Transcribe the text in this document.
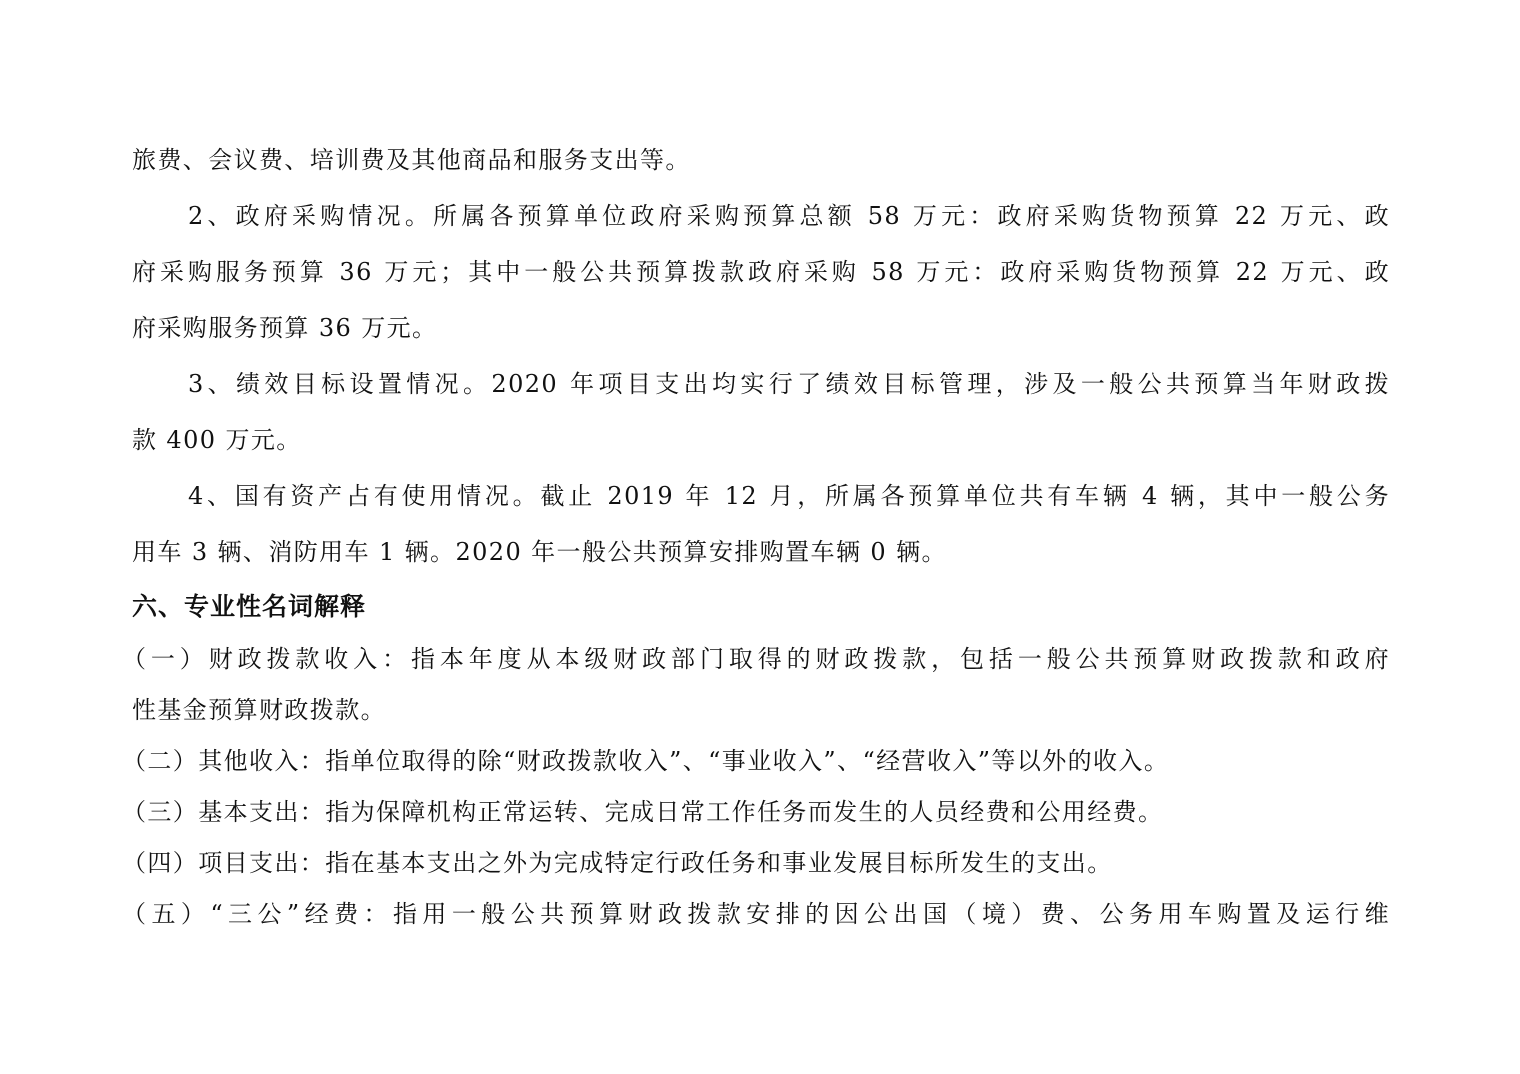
旅费、会议费、培训费及其他商品和服务支出等。
2、政府采购情况。所属各预算单位政府采购预算总额 58 万元：政府采购货物预算 22 万元、政
府采购服务预算 36 万元；其中一般公共预算拨款政府采购 58 万元：政府采购货物预算 22 万元、政
府采购服务预算 36 万元。
3、绩效目标设置情况。2020 年项目支出均实行了绩效目标管理，涉及一般公共预算当年财政拨
款 400 万元。
4、国有资产占有使用情况。截止 2019 年 12 月，所属各预算单位共有车辆 4 辆，其中一般公务
用车 3 辆、消防用车 1 辆。2020 年一般公共预算安排购置车辆 0 辆。
六、专业性名词解释
（一）财政拨款收入：指本年度从本级财政部门取得的财政拨款，包括一般公共预算财政拨款和政府
性基金预算财政拨款。
（二）其他收入：指单位取得的除“财政拨款收入”、“事业收入”、“经营收入”等以外的收入。
（三）基本支出：指为保障机构正常运转、完成日常工作任务而发生的人员经费和公用经费。
（四）项目支出：指在基本支出之外为完成特定行政任务和事业发展目标所发生的支出。
（五）“三公”经费：指用一般公共预算财政拨款安排的因公出国（境）费、公务用车购置及运行维
